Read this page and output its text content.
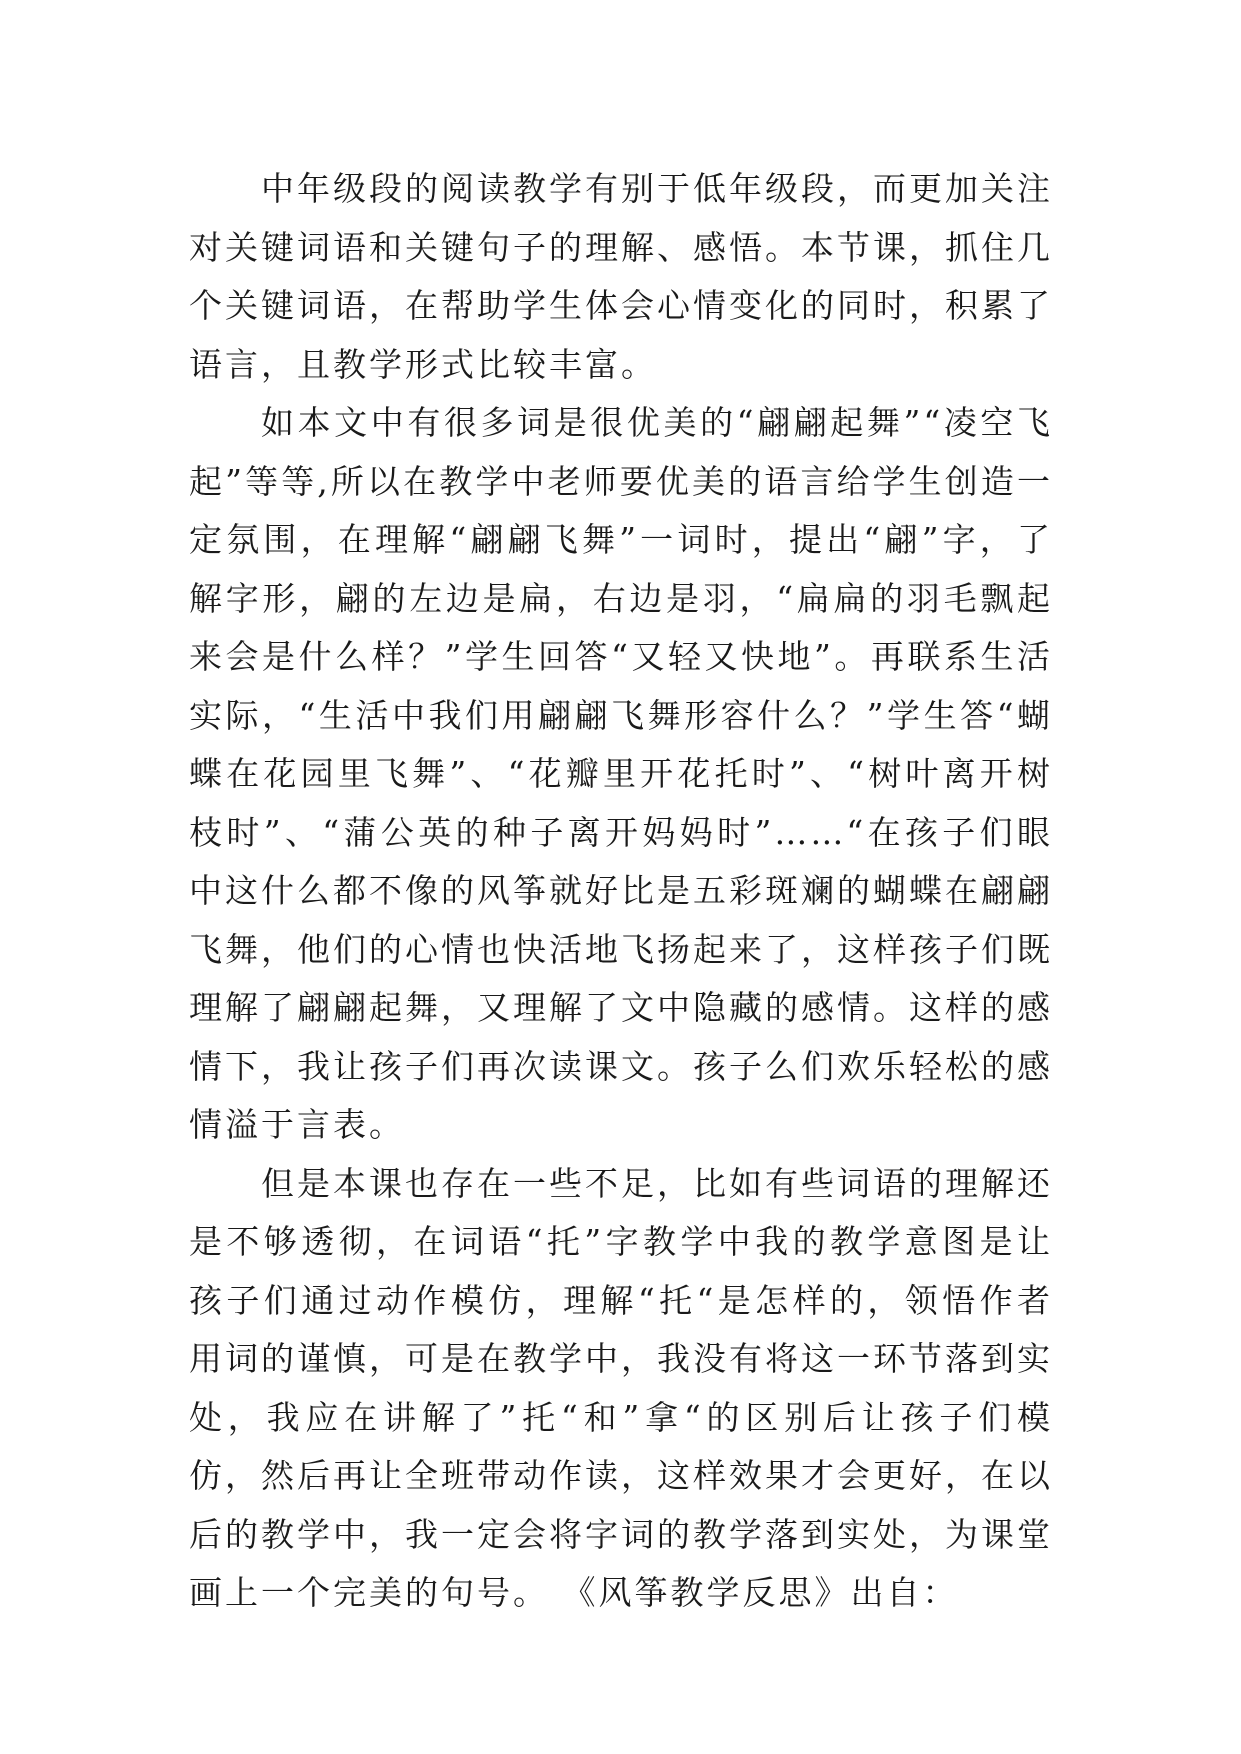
中年级段的阅读教学有别于低年级段，而更加关注对关键词语和关键句子的理解、感悟。本节课，抓住几个关键词语，在帮助学生体会心情变化的同时，积累了语言，且教学形式比较丰富。

如本文中有很多词是很优美的“翩翩起舞”“凌空飞起”等等,所以在教学中老师要优美的语言给学生创造一定氛围，在理解“翩翩飞舞”一词时，提出“翩”字，了解字形，翩的左边是扁，右边是羽，“扁扁的羽毛飘起来会是什么样？”学生回答“又轻又快地”。再联系生活实际，“生活中我们用翩翩飞舞形容什么？”学生答“蝴蝶在花园里飞舞”、“花瓣里开花托时”、“树叶离开树枝时”、“蒲公英的种子离开妈妈时”……“在孩子们眼中这什么都不像的风筝就好比是五彩斑斓的蝴蝶在翩翩飞舞，他们的心情也快活地飞扬起来了，这样孩子们既理解了翩翩起舞，又理解了文中隐藏的感情。这样的感情下，我让孩子们再次读课文。孩子么们欢乐轻松的感情溢于言表。

但是本课也存在一些不足，比如有些词语的理解还是不够透彻，在词语“托”字教学中我的教学意图是让孩子们通过动作模仿，理解“托“是怎样的，领悟作者用词的谨慎，可是在教学中，我没有将这一环节落到实处，我应在讲解了”托“和”拿“的区别后让孩子们模仿，然后再让全班带动作读，这样效果才会更好，在以后的教学中，我一定会将字词的教学落到实处，为课堂画上一个完美的句号。 《风筝教学反思》出自：
